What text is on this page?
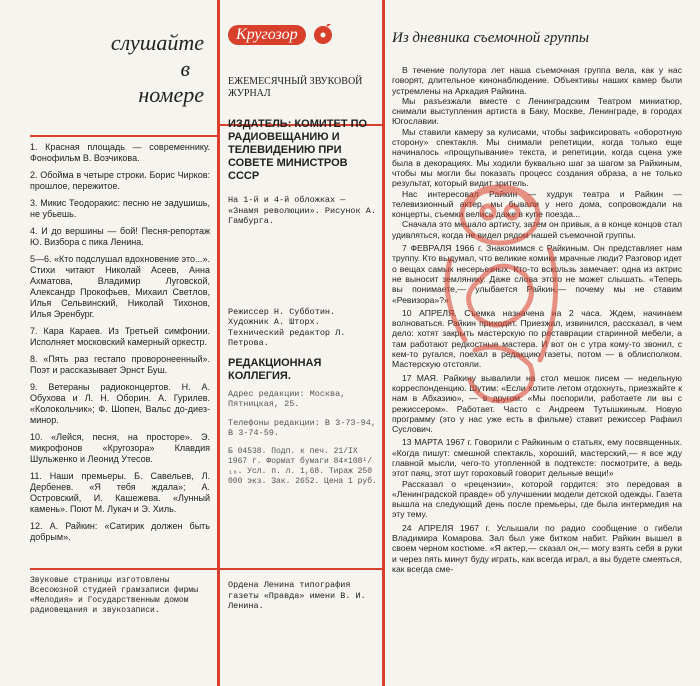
слушайте
в
номере

1. Красная площадь — современнику. Фонофильм В. Возчикова.

2. Обойма в четыре строки. Борис Чирков: прошлое, пережитое.

3. Микис Теодоракис: песню не задушишь, не убьешь.

4. И до вершины — бой! Песня-репортаж Ю. Визбора с пика Ленина.

5—6. «Кто подслушал вдохновение это...». Стихи читают Николай Асеев, Анна Ахматова, Владимир Луговской, Александр Прокофьев, Михаил Светлов, Илья Сельвинский, Николай Тихонов, Илья Эренбург.

7. Кара Караев. Из Третьей симфонии. Исполняет московский камерный оркестр.

8. «Пять раз гестапо проворонеенный». Поэт и рассказывает Эрнст Буш.

9. Ветераны радиоконцертов. Н. А. Обухова и Л. Н. Оборин. А. Гурилев. «Колокольчик»; Ф. Шопен, Вальс до-диез-минор.

10. «Лейся, песня, на просторе». Э. микрофонов «Кругозора» Клавдия Шульженко и Леонид Утесов.

11. Наши премьеры. Б. Савельев, Л. Дербенев. «Я тебя ждала»; А. Островский, И. Кашежева. «Лунный камень». Поют М. Лукач и Э. Хиль.

12. А. Райкин: «Сатирик должен быть добрым».

Звуковые страницы изготовлены Всесоюзной студией грамзаписи фирмы «Мелодия» и Государственным домом радиовещания и звукозаписи.
Кругозор
ЕЖЕМЕСЯЧНЫЙ ЗВУКОВОЙ ЖУРНАЛ
ИЗДАТЕЛЬ: КОМИТЕТ ПО РАДИОВЕЩАНИЮ И ТЕЛЕВИДЕНИЮ ПРИ СОВЕТЕ МИНИСТРОВ СССР
На 1-й и 4-й обложках — «Знамя революции». Рисунок А. Гамбурга.
Режиссер Н. Субботин. Художник А. Шторх. Технический редактор Л. Петрова.
РЕДАКЦИОННАЯ КОЛЛЕГИЯ.
Адрес редакции: Москва, Пятницкая, 25.
Телефоны редакции: В 3-73-94, В 3-74-59.
Б 04538. Подп. к печ. 21/IX 1967 г. Формат бумаги 84×108¹/₁₆. Усл. п. л. 1,68. Тираж 250 000 экз. Зак. 2652. Цена 1 руб.
Ордена Ленина типография газеты «Правда» имени В. И. Ленина.
Из дневника съемочной группы

В течение полутора лет наша съемочная группа вела, как у нас говорят, длительное кинонаблюдение. Объективы наших камер были устремлены на Аркадия Райкина.

Мы разъезжали вместе с Ленинградским Театром миниатюр, снимали выступления артиста в Баку, Москве, Ленинграде, в городах Югославии.

Мы ставили камеру за кулисами, чтобы зафиксировать «оборотную сторону» спектакля. Мы снимали репетиции, когда только еще начиналось «прощупывание» текста, и репетиции, когда сцена уже была в декорациях. Мы ходили буквально шаг за шагом за Райкиным, чтобы мы могли бы показать процесс создания образа, а не только результат, который видит зритель.

Нас интересовал Райкин — худрук театра и Райкин — телевизионный актер, мы бывали у него дома, сопровождали на концерты, съемки велись даже в купе поезда...

Сначала это мешало артисту, затем он привык, а в конце концов стал удивляться, когда не видел рядом нашей съемочной группы.

7 ФЕВРАЛЯ 1966 г. Знакомимся с Райкиным. Он представляет нам труппу. Кто выдумал, что великие комики мрачные люди? Разговор идет о вещах самых несерьезных. Кто-то вскользь замечает: одна из актрис не выносит землянику. Даже слова этого не может слышать. «Теперь вы понимаете,— улыбается Райкин,— почему мы не ставим «Ревизора»?»

10 АПРЕЛЯ. Съемка назначена на 2 часа. Ждем, начинаем волноваться. Райкин приходит. Приезжал, извинился, рассказал, в чем дело: хотят закрыть мастерскую по реставрации старинной мебели, а там работают редкостные мастера. И вот он с утра кому-то звонил, с кем-то ругался, поехал в редакцию газеты, потом — в облисполком. Мастерскую отстояли.

17 МАЯ. Райкину вывалили на стол мешок писем — недельную корреспонденцию. Шутим: «Если хотите летом отдохнуть, приезжайте к нам в Абхазию», — в другом: «Мы поспорили, работаете ли вы с режиссером». Работает. Часто с Андреем Тутышкиным. Новую программу (это у нас уже есть в фильме) ставит режиссер Рафаил Суслович.

13 МАРТА 1967 г. Говорили с Райкиным о статьях, ему посвященных. «Когда пишут: смешной спектакль, хороший, мастерский,— я все жду главной мысли, чего-то утопленной в подтексте: посмотрите, а ведь этот паяц, этот шут гороховый говорит дельные вещи!»

Рассказал о «рецензии», которой гордится: это передовая в «Ленинградской правде» об улучшении модели детской одежды. Газета вышла на следующий день после премьеры, где была интермедия на эту тему.

24 АПРЕЛЯ 1967 г. Услышали по радио сообщение о гибели Владимира Комарова. Зал был уже битком набит. Райкин вышел в своем черном костюме. «Я актер,— сказал он,— могу взять себя в руки и через пять минут буду играть, как всегда играл, а вы будете смеяться, как всегда сме-
